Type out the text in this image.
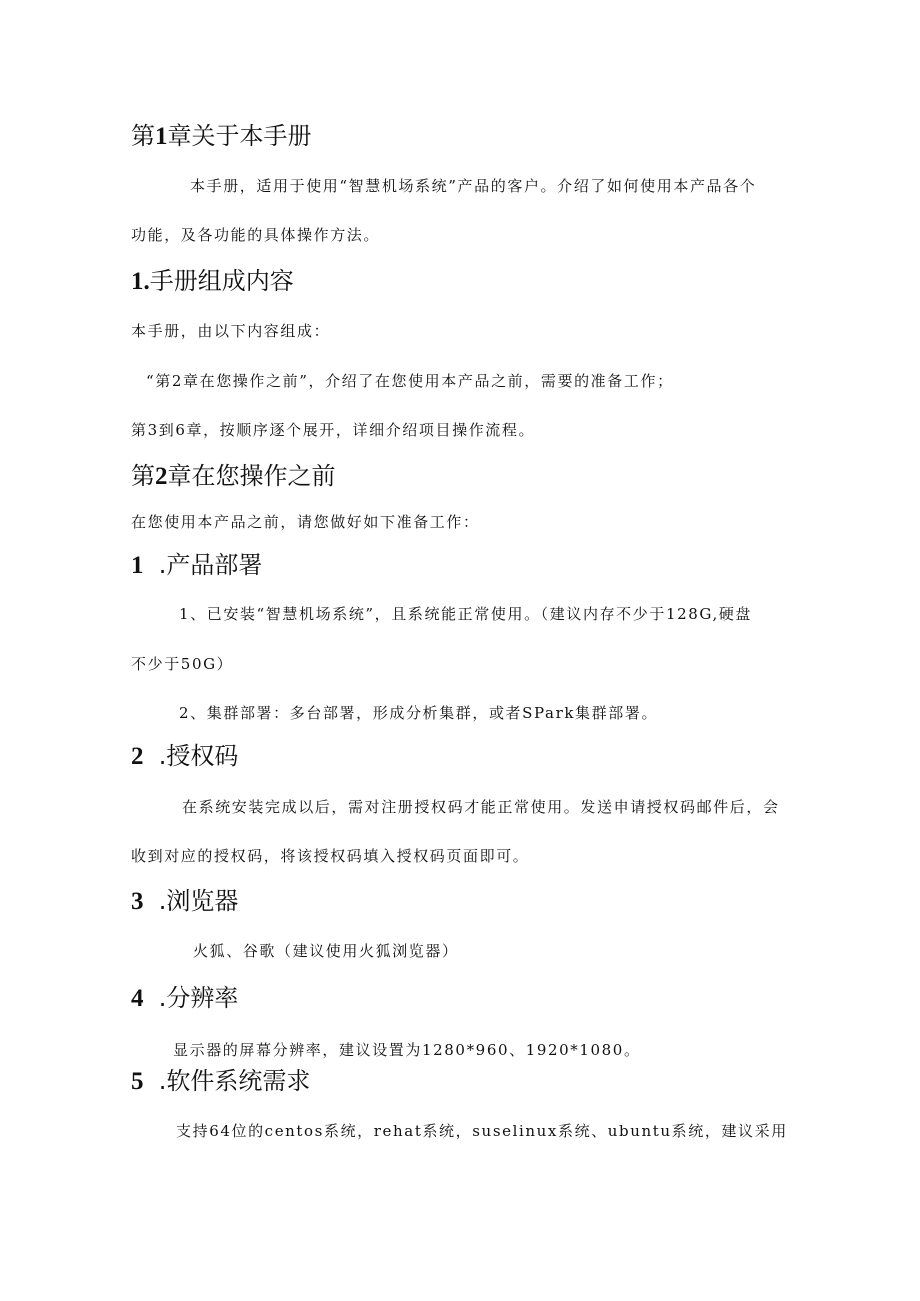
第1章关于本手册
本手册，适用于使用“智慧机场系统”产品的客户。介绍了如何使用本产品各个
功能，及各功能的具体操作方法。
1.手册组成内容
本手册，由以下内容组成：
“第2章在您操作之前”，介绍了在您使用本产品之前，需要的准备工作；
第3到6章，按顺序逐个展开，详细介绍项目操作流程。
第2章在您操作之前
在您使用本产品之前，请您做好如下准备工作：
1 .产品部署
1、已安装“智慧机场系统”，且系统能正常使用。（建议内存不少于128G,硬盘
不少于50G）
2、集群部署：多台部署，形成分析集群，或者SPark集群部署。
2 .授权码
在系统安装完成以后，需对注册授权码才能正常使用。发送申请授权码邮件后，会
收到对应的授权码，将该授权码填入授权码页面即可。
3 .浏览器
火狐、谷歌（建议使用火狐浏览器）
4 .分辨率
显示器的屏幕分辨率，建议设置为1280*960、1920*1080。
5 .软件系统需求
支持64位的centos系统，rehat系统，suselinux系统、ubuntu系统，建议采用
